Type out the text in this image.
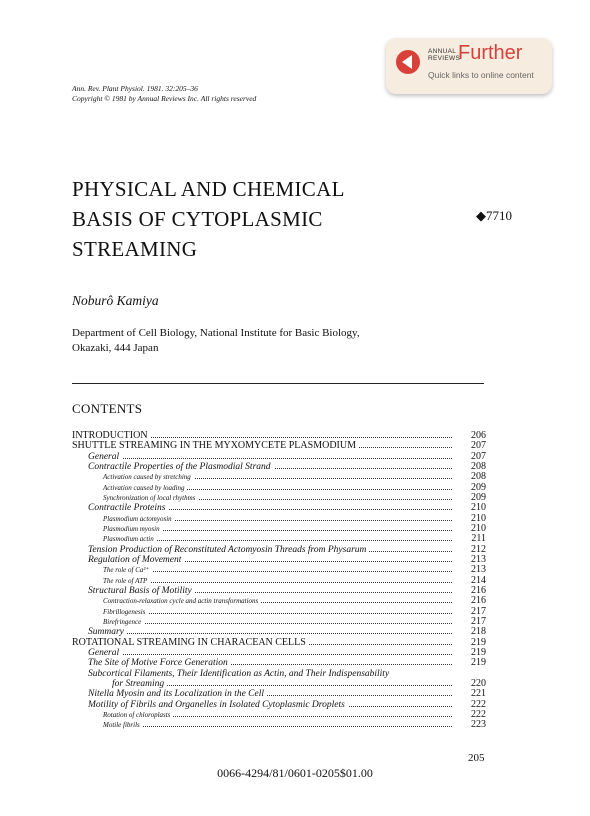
Ann. Rev. Plant Physiol. 1981. 32:205–36
Copyright © 1981 by Annual Reviews Inc. All rights reserved
ANNUAL REVIEWS
Further
Quick links to online content
PHYSICAL AND CHEMICAL
BASIS OF CYTOPLASMIC
STREAMING
◆7710
Noburô Kamiya
Department of Cell Biology, National Institute for Basic Biology,
Okazaki, 444 Japan
CONTENTS
INTRODUCTION	206
SHUTTLE STREAMING IN THE MYXOMYCETE PLASMODIUM	207
General	207
Contractile Properties of the Plasmodial Strand	208
Activation caused by stretching	208
Activation caused by loading	209
Synchronization of local rhythms	209
Contractile Proteins	210
Plasmodium actomyosin	210
Plasmodium myosin	210
Plasmodium actin	211
Tension Production of Reconstituted Actomyosin Threads from Physarum	212
Regulation of Movement	213
The role of Ca²⁺	213
The role of ATP	214
Structural Basis of Motility	216
Contraction-relaxation cycle and actin transformations	216
Fibrillogenesis	217
Birefringence	217
Summary	218
ROTATIONAL STREAMING IN CHARACEAN CELLS	219
General	219
The Site of Motive Force Generation	219
Subcortical Filaments, Their Identification as Actin, and Their Indispensability
for Streaming	220
Nitella Myosin and its Localization in the Cell	221
Motility of Fibrils and Organelles in Isolated Cytoplasmic Droplets	222
Rotation of chloroplasts	222
Motile fibrils	223
205
0066-4294/81/0601-0205$01.00
